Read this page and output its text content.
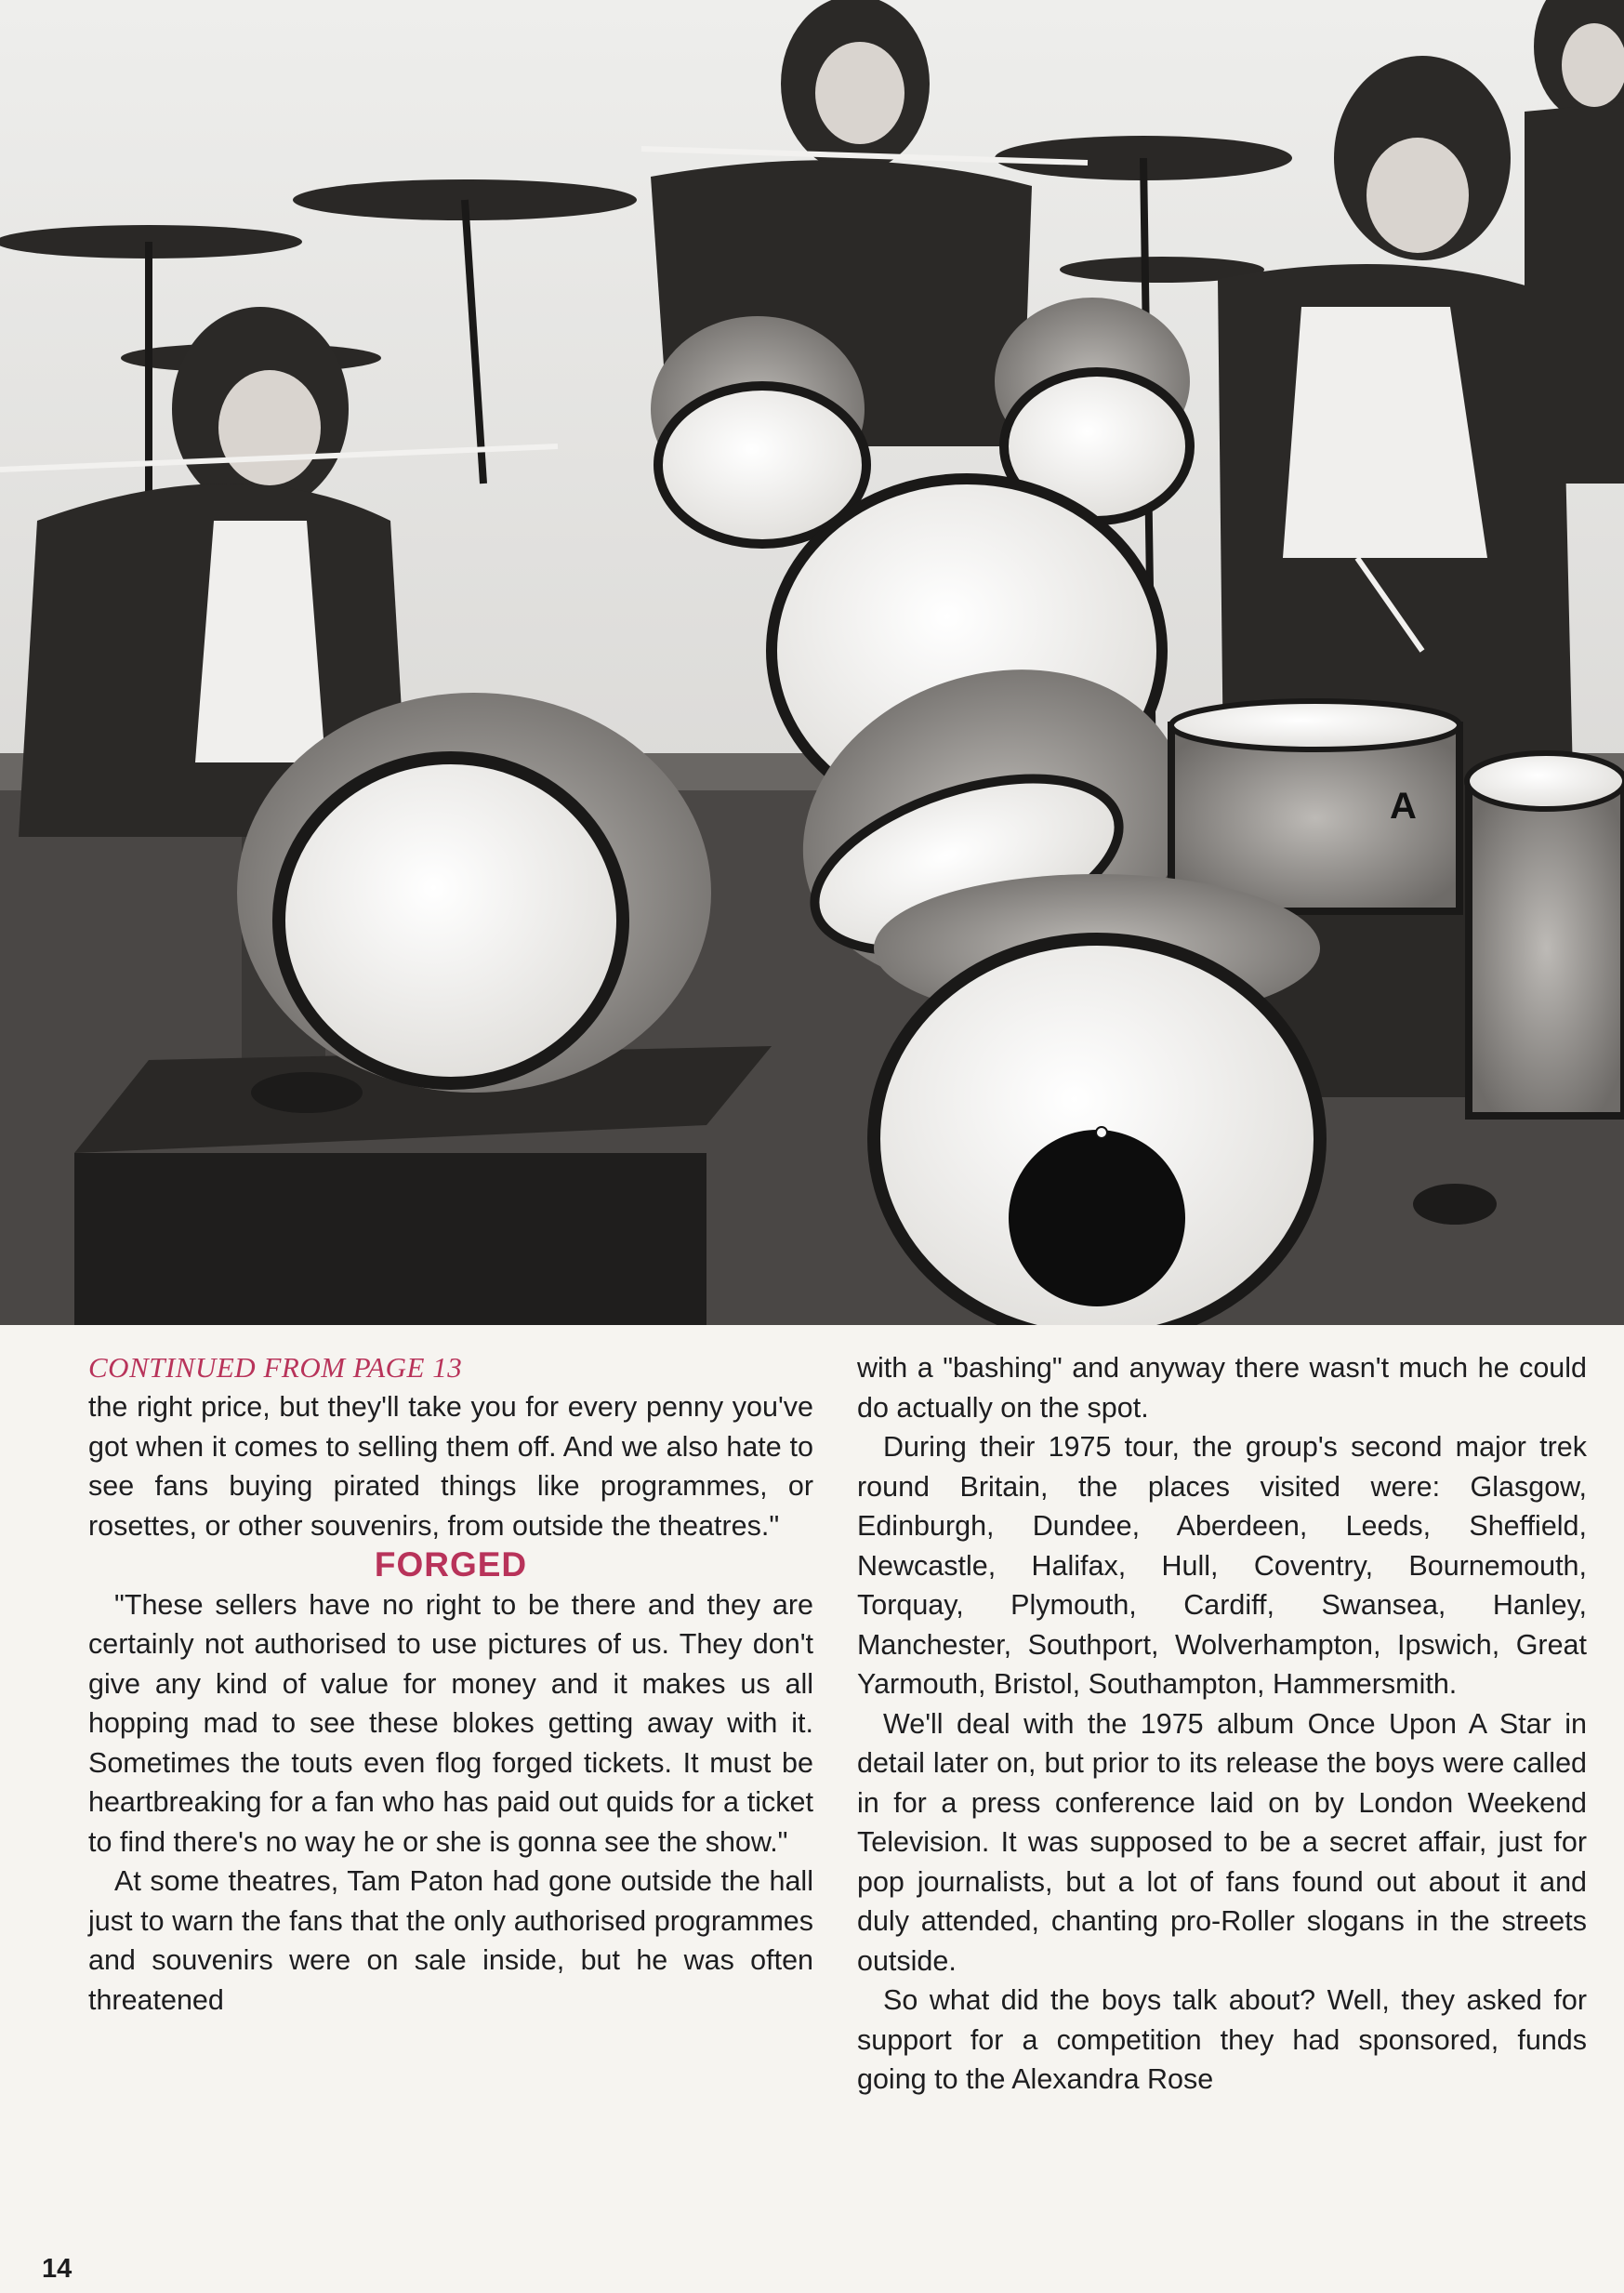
A

CONTINUED FROM PAGE 13

the right price, but they'll take you for every penny you've got when it comes to selling them off. And we also hate to see fans buying pirated things like programmes, or rosettes, or other souvenirs, from outside the theatres."

FORGED

"These sellers have no right to be there and they are certainly not authorised to use pictures of us. They don't give any kind of value for money and it makes us all hopping mad to see these blokes getting away with it. Sometimes the touts even flog forged tickets. It must be heartbreaking for a fan who has paid out quids for a ticket to find there's no way he or she is gonna see the show."

At some theatres, Tam Paton had gone outside the hall just to warn the fans that the only authorised programmes and souvenirs were on sale inside, but he was often threatened

with a "bashing" and anyway there wasn't much he could do actually on the spot.

During their 1975 tour, the group's second major trek round Britain, the places visited were: Glasgow, Edinburgh, Dundee, Aberdeen, Leeds, Sheffield, Newcastle, Halifax, Hull, Coventry, Bournemouth, Torquay, Plymouth, Cardiff, Swansea, Hanley, Manchester, Southport, Wolverhampton, Ipswich, Great Yarmouth, Bristol, Southampton, Hammersmith.

We'll deal with the 1975 album Once Upon A Star in detail later on, but prior to its release the boys were called in for a press conference laid on by London Weekend Television. It was supposed to be a secret affair, just for pop journalists, but a lot of fans found out about it and duly attended, chanting pro-Roller slogans in the streets outside.

So what did the boys talk about? Well, they asked for support for a competition they had sponsored, funds going to the Alexandra Rose

14
